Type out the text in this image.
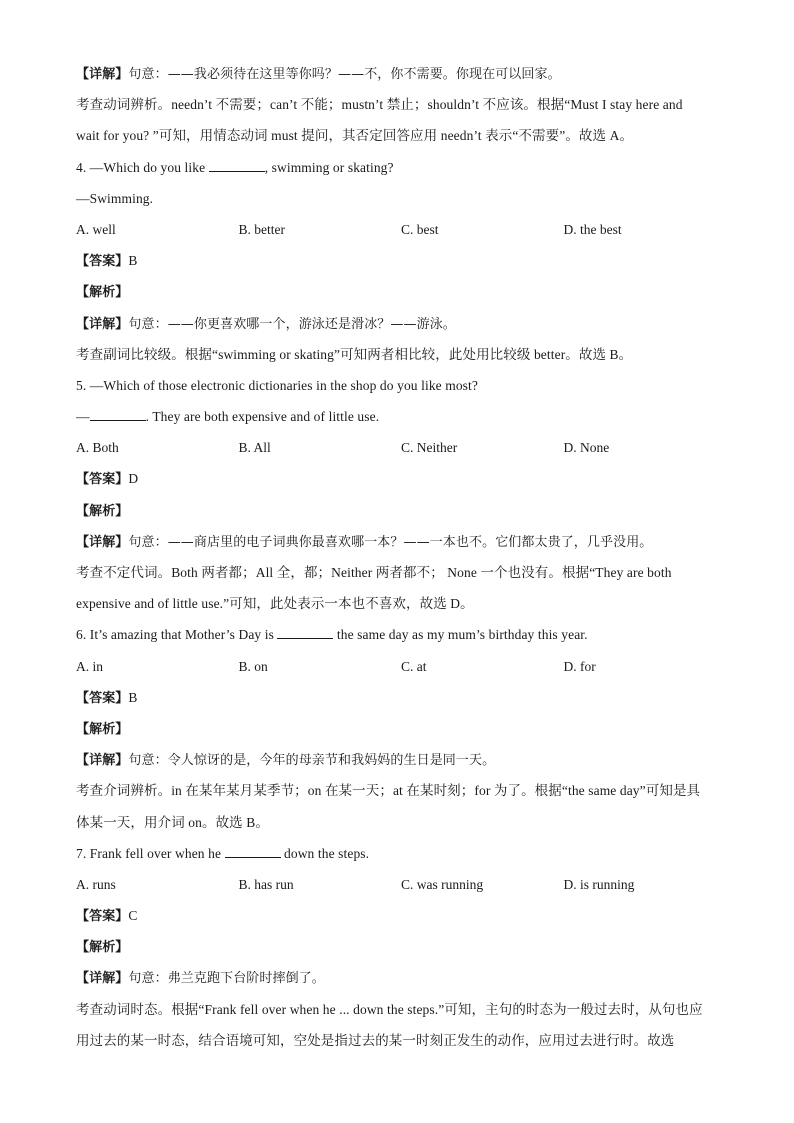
【详解】句意：——我必须待在这里等你吗？——不，你不需要。你现在可以回家。
考查动词辨析。needn’t 不需要；can’t 不能；mustn’t 禁止；shouldn’t 不应该。根据“Must I stay here and
wait for you? ”可知，用情态动词 must 提问，其否定回答应用 needn’t 表示“不需要”。故选 A。
4. —Which do you like	, swimming or skating?
—Swimming.
A. well	B. better	C. best	D. the best
【答案】B
【解析】
【详解】句意：——你更喜欢哪一个，游泳还是滑冰？——游泳。
考查副词比较级。根据“swimming or skating”可知两者相比较，此处用比较级 better。故选 B。
5. —Which of those electronic dictionaries in the shop do you like most?
—	. They are both expensive and of little use.
A. Both	B. All	C. Neither	D. None
【答案】D
【解析】
【详解】句意：——商店里的电子词典你最喜欢哪一本？——一本也不。它们都太贵了，几乎没用。
考查不定代词。Both 两者都；All 全，都；Neither 两者都不； None 一个也没有。根据“They are both
expensive and of little use.”可知，此处表示一本也不喜欢，故选 D。
6. It’s amazing that Mother’s Day is	the same day as my mum’s birthday this year.
A. in	B. on	C. at	D. for
【答案】B
【解析】
【详解】句意：令人惊讶的是，今年的母亲节和我妈妈的生日是同一天。
考查介词辨析。in 在某年某月某季节；on 在某一天；at 在某时刻；for 为了。根据“the same day”可知是具
体某一天，用介词 on。故选 B。
7. Frank fell over when he	down the steps.
A. runs	B. has run	C. was running	D. is running
【答案】C
【解析】
【详解】句意：弗兰克跑下台阶时摔倒了。
考查动词时态。根据“Frank fell over when he ... down the steps.”可知，主句的时态为一般过去时，从句也应
用过去的某一时态，结合语境可知，空处是指过去的某一时刻正发生的动作，应用过去进行时。故选
